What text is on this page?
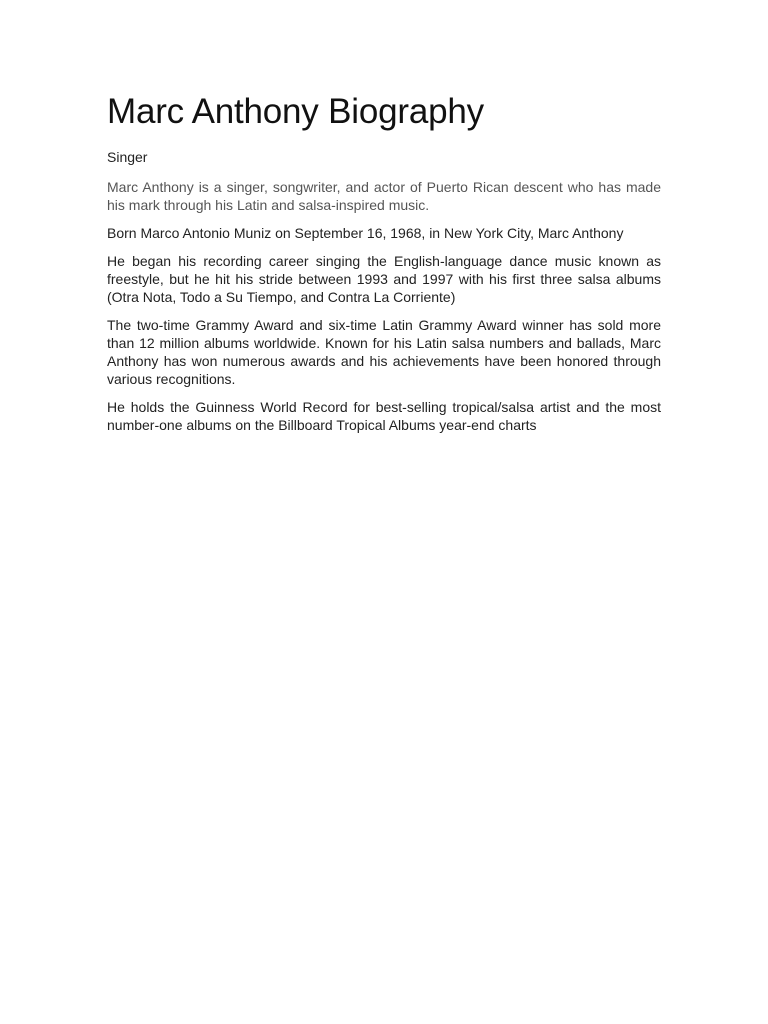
Marc Anthony Biography
Singer

Marc Anthony is a singer, songwriter, and actor of Puerto Rican descent who has made his mark through his Latin and salsa-inspired music.

Born Marco Antonio Muniz on September 16, 1968, in New York City, Marc Anthony

He began his recording career singing the English-language dance music known as freestyle, but he hit his stride between 1993 and 1997 with his first three salsa albums (Otra Nota, Todo a Su Tiempo, and Contra La Corriente)

The two-time Grammy Award and six-time Latin Grammy Award winner has sold more than 12 million albums worldwide. Known for his Latin salsa numbers and ballads, Marc Anthony has won numerous awards and his achievements have been honored through various recognitions.

He holds the Guinness World Record for best-selling tropical/salsa artist and the most number-one albums on the Billboard Tropical Albums year-end charts
